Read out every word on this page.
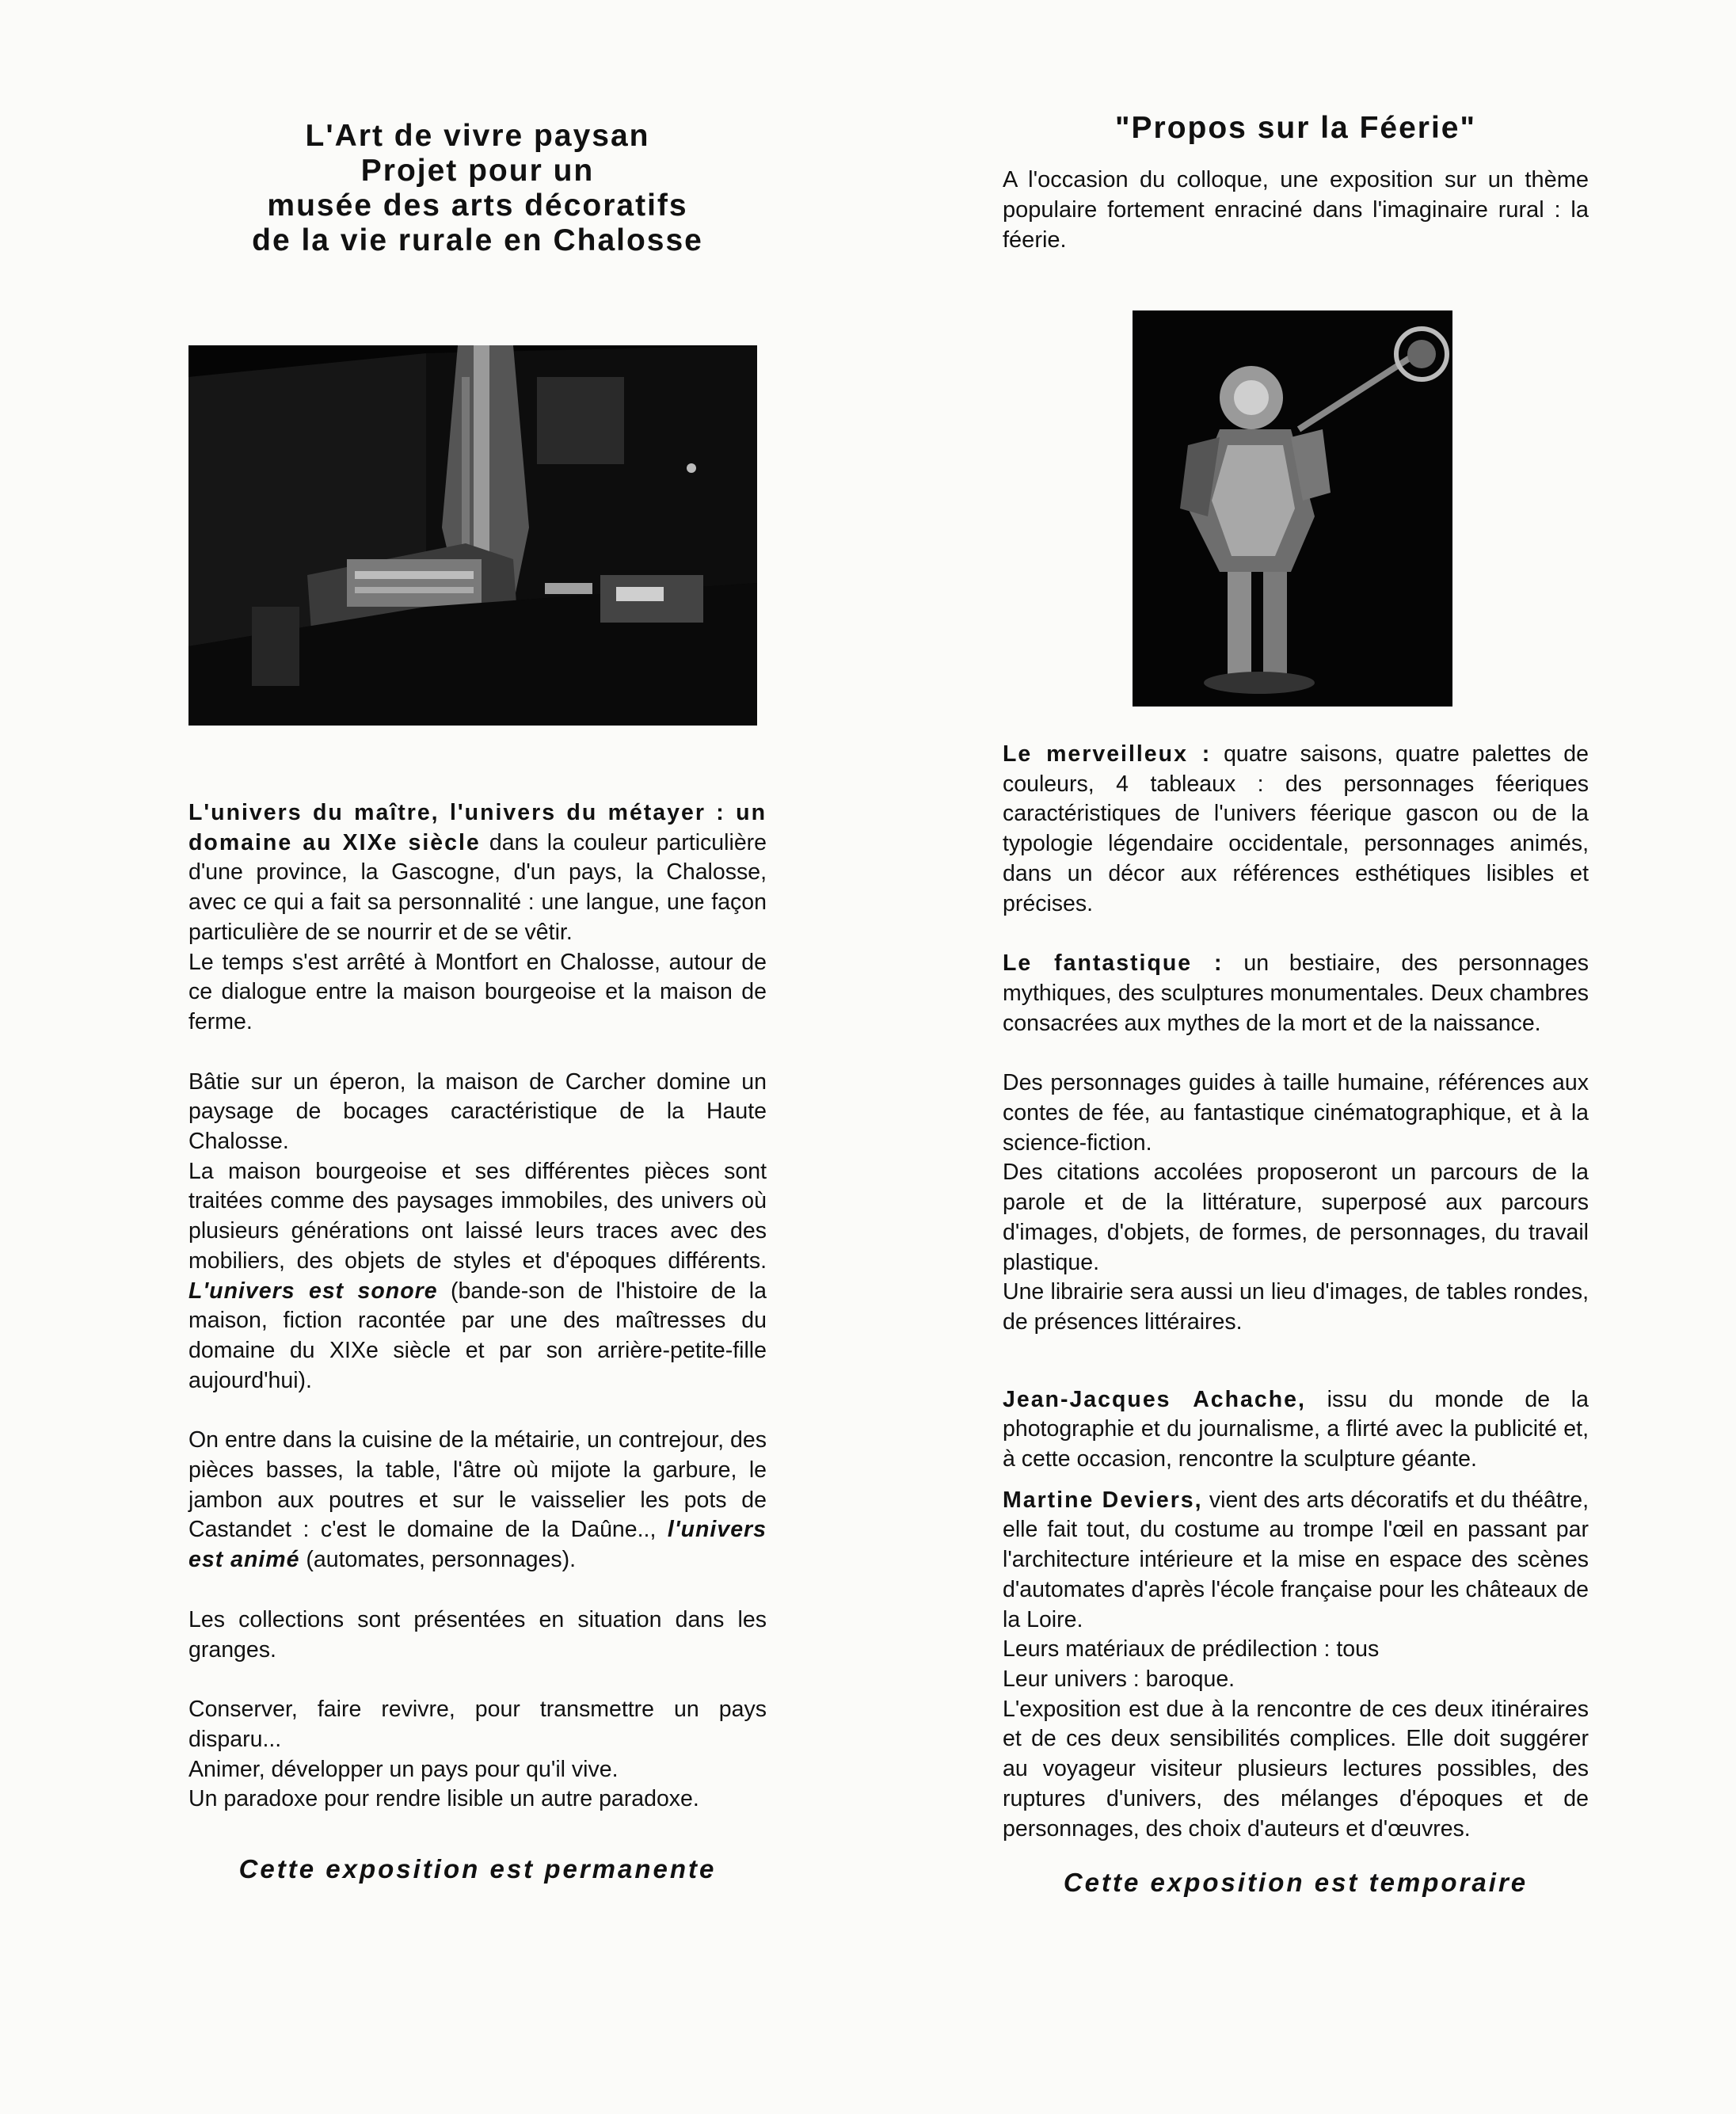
L'Art de vivre paysan
Projet pour un
musée des arts décoratifs
de la vie rurale en Chalosse

L'univers du maître, l'univers du métayer : un domaine au XIXe siècle dans la couleur particulière d'une province, la Gascogne, d'un pays, la Chalosse, avec ce qui a fait sa personnalité : une langue, une façon particulière de se nourrir et de se vêtir.
Le temps s'est arrêté à Montfort en Chalosse, autour de ce dialogue entre la maison bourgeoise et la maison de ferme.

Bâtie sur un éperon, la maison de Carcher domine un paysage de bocages caractéristique de la Haute Chalosse.
La maison bourgeoise et ses différentes pièces sont traitées comme des paysages immobiles, des univers où plusieurs générations ont laissé leurs traces avec des mobiliers, des objets de styles et d'époques différents. L'univers est sonore (bande-son de l'histoire de la maison, fiction racontée par une des maîtresses du domaine du XIXe siècle et par son arrière-petite-fille aujourd'hui).

On entre dans la cuisine de la métairie, un contrejour, des pièces basses, la table, l'âtre où mijote la garbure, le jambon aux poutres et sur le vaisselier les pots de Castandet : c'est le domaine de la Daûne.., l'univers est animé (automates, personnages).

Les collections sont présentées en situation dans les granges.

Conserver, faire revivre, pour transmettre un pays disparu...
Animer, développer un pays pour qu'il vive.
Un paradoxe pour rendre lisible un autre paradoxe.

Cette exposition est permanente

"Propos sur la Féerie"

A l'occasion du colloque, une exposition sur un thème populaire fortement enraciné dans l'imaginaire rural : la féerie.

Le merveilleux : quatre saisons, quatre palettes de couleurs, 4 tableaux : des personnages féeriques caractéristiques de l'univers féerique gascon ou de la typologie légendaire occidentale, personnages animés, dans un décor aux références esthétiques lisibles et précises.

Le fantastique : un bestiaire, des personnages mythiques, des sculptures monumentales. Deux chambres consacrées aux mythes de la mort et de la naissance.

Des personnages guides à taille humaine, références aux contes de fée, au fantastique cinématographique, et à la science-fiction.
Des citations accolées proposeront un parcours de la parole et de la littérature, superposé aux parcours d'images, d'objets, de formes, de personnages, du travail plastique.
Une librairie sera aussi un lieu d'images, de tables rondes, de présences littéraires.

Jean-Jacques Achache, issu du monde de la photographie et du journalisme, a flirté avec la publicité et, à cette occasion, rencontre la sculpture géante.

Martine Deviers, vient des arts décoratifs et du théâtre, elle fait tout, du costume au trompe l'œil en passant par l'architecture intérieure et la mise en espace des scènes d'automates d'après l'école française pour les châteaux de la Loire.
Leurs matériaux de prédilection : tous
Leur univers : baroque.
L'exposition est due à la rencontre de ces deux itinéraires et de ces deux sensibilités complices. Elle doit suggérer au voyageur visiteur plusieurs lectures possibles, des ruptures d'univers, des mélanges d'époques et de personnages, des choix d'auteurs et d'œuvres.

Cette exposition est temporaire
